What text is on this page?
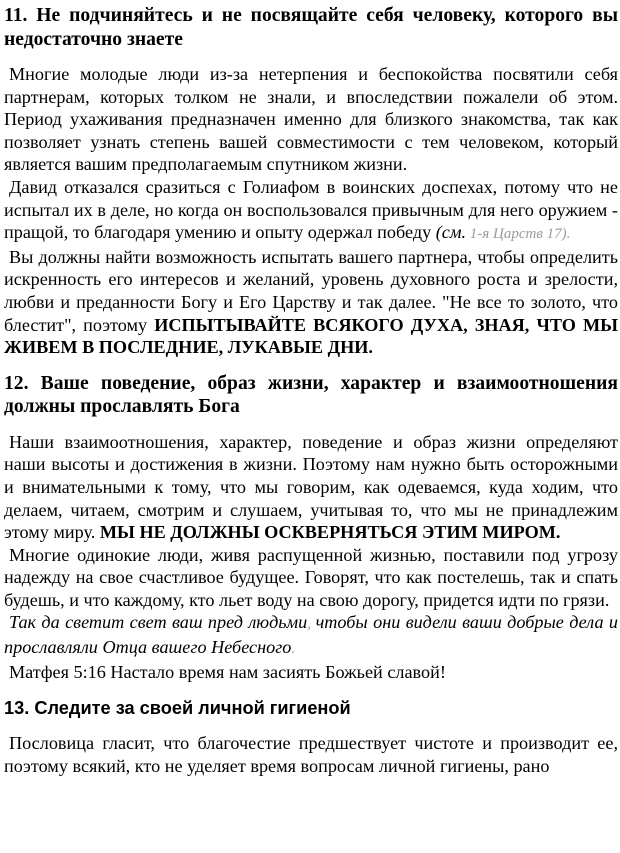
11. Не подчиняйтесь и не посвящайте себя человеку, которого вы недостаточно знаете

Многие молодые люди из-за нетерпения и беспокойства посвятили себя партнерам, которых толком не знали, и впоследствии пожалели об этом. Период ухаживания предназначен именно для близкого знакомства, так как позволяет узнать степень вашей совместимости с тем человеком, который является вашим предполагаемым спутником жизни.

Давид отказался сразиться с Голиафом в воинских доспехах, потому что не испытал их в деле, но когда он воспользовался привычным для него оружием - пращой, то благодаря умению и опыту одержал победу (см. 1-я Царств 17).

Вы должны найти возможность испытать вашего партнера, чтобы определить искренность его интересов и желаний, уровень духовного роста и зрелости, любви и преданности Богу и Его Царству и так далее. "Не все то золото, что блестит", поэтому ИСПЫТЫВАЙТЕ ВСЯКОГО ДУХА, ЗНАЯ, ЧТО МЫ ЖИВЕМ В ПОСЛЕДНИЕ, ЛУКАВЫЕ ДНИ.

12. Ваше поведение, образ жизни, характер и взаимоотношения должны прославлять Бога

Наши взаимоотношения, характер, поведение и образ жизни определяют наши высоты и достижения в жизни. Поэтому нам нужно быть осторожными и внимательными к тому, что мы говорим, как одеваемся, куда ходим, что делаем, читаем, смотрим и слушаем, учитывая то, что мы не принадлежим этому миру. МЫ НЕ ДОЛЖНЫ ОСКВЕРНЯТЬСЯ ЭТИМ МИРОМ.

Многие одинокие люди, живя распущенной жизнью, поставили под угрозу надежду на свое счастливое будущее. Говорят, что как постелешь, так и спать будешь, и что каждому, кто льет воду на свою дорогу, придется идти по грязи.

Так да светит свет ваш пред людьми, чтобы они видели ваши добрые дела и прославляли Отца вашего Небесного.

Матфея 5:16 Настало время нам засиять Божьей славой!

13. Следите за своей личной гигиеной

Пословица гласит, что благочестие предшествует чистоте и производит ее, поэтому всякий, кто не уделяет время вопросам личной гигиены, рано
